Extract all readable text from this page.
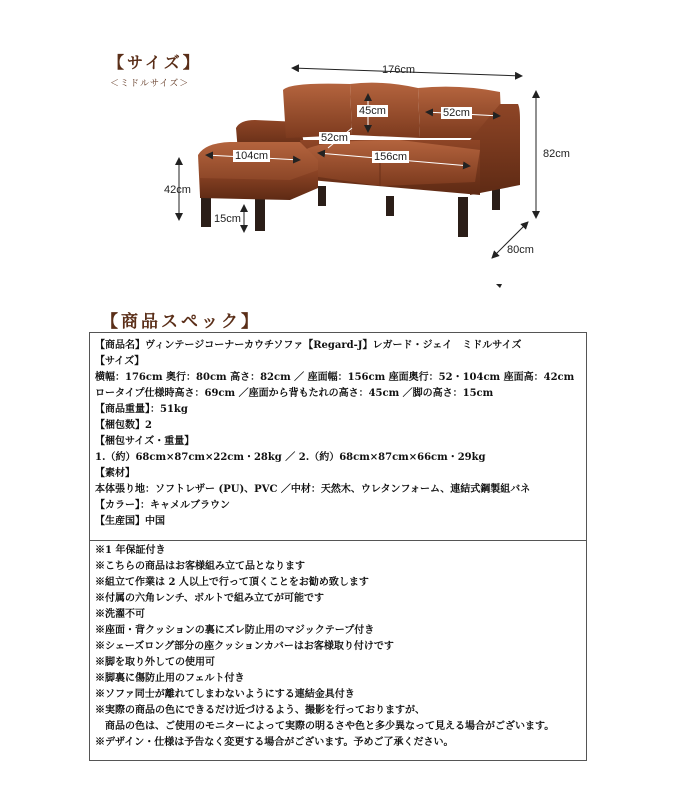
【サイズ】
＜ミドルサイズ＞
176cm
82cm
80cm
45cm	52cm
52cm
104cm	156cm
42cm
15cm
【商品スペック】
【商品名】ヴィンテージコーナーカウチソファ【Regard-J】レガード・ジェイ　ミドルサイズ
【サイズ】
横幅：176cm 奥行：80cm 高さ：82cm ／ 座面幅：156cm 座面奥行：52・104cm 座面高：42cm
ロータイプ仕様時高さ：69cm ／座面から背もたれの高さ：45cm ／脚の高さ：15cm
【商品重量】：51kg
【梱包数】2
【梱包サイズ・重量】
1.（約）68cm×87cm×22cm・28kg ／ 2.（約）68cm×87cm×66cm・29kg
【素材】
本体張り地：ソフトレザー (PU)、PVC ／中材：天然木、ウレタンフォーム、連結式鋼製組バネ
【カラー】：キャメルブラウン
【生産国】中国
※1 年保証付き
※こちらの商品はお客様組み立て品となります
※組立て作業は 2 人以上で行って頂くことをお勧め致します
※付属の六角レンチ、ボルトで組み立てが可能です
※洗濯不可
※座面・背クッションの裏にズレ防止用のマジックテープ付き
※シェーズロング部分の座クッションカバーはお客様取り付けです
※脚を取り外しての使用可
※脚裏に傷防止用のフェルト付き
※ソファ同士が離れてしまわないようにする連結金具付き
※実際の商品の色にできるだけ近づけるよう、撮影を行っておりますが、
　商品の色は、ご使用のモニターによって実際の明るさや色と多少異なって見える場合がございます。
※デザイン・仕様は予告なく変更する場合がございます。予めご了承ください。
